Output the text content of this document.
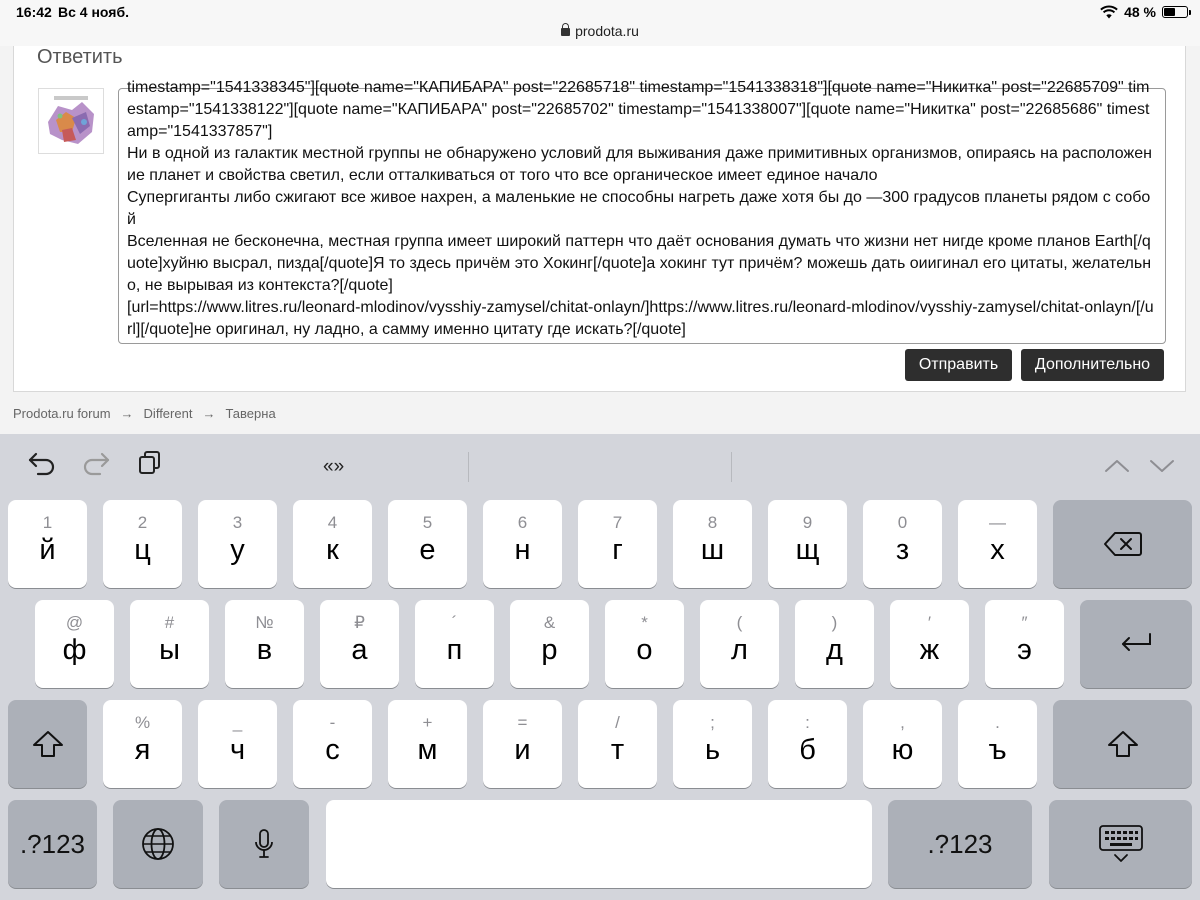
16:42 Вс 4 нояб.
prodota.ru
48 %
Ответить
timestamp="1541338345"][quote name="КАПИБАРА" post="22685718" timestamp="1541338318"][quote name="Никитка" post="22685709" timestamp="1541338122"][quote name="КАПИБАРА" post="22685702" timestamp="1541338007"][quote name="Никитка" post="22685686" timestamp="1541337857"]
Ни в одной из галактик местной группы не обнаружено условий для выживания даже примитивных организмов, опираясь на расположение планет и свойства светил, если отталкиваться от того что все органическое имеет единое начало
Супергиганты либо сжигают все живое нахрен, а маленькие не способны нагреть даже хотя бы до —300 градусов планеты рядом с собой
Вселенная не бесконечна, местная группа имеет широкий паттерн что даёт основания думать что жизни нет нигде кроме планов Earth[/quote]хуйню высрал, пизда[/quote]Я то здесь причём это Хокинг[/quote]а хокинг тут причём? можешь дать оиигинал его цитаты, желательно, не вырывая из контекста?[/quote]
[url=https://www.litres.ru/leonard-mlodinov/vysshiy-zamysel/chitat-onlayn/]https://www.litres.ru/leonard-mlodinov/vysshiy-zamysel/chitat-onlayn/[/url][/quote]не оригинал, ну ладно, а самму именно цитату где искать?[/quote]
Отправить	Дополнительно
Prodota.ru forum → Different → Таверна
«»
1
й
2
ц
3
у
4
к
5
е
6
н
7
г
8
ш
9
щ
0
з
—
х
@
ф
#
ы
№
в
₽
а
´
п
&
р
*
о
(
л
)
д
′
ж
″
э
%
я
_
ч
-
с
+
м
=
и
/
т
;
ь
:
б
,
ю
.
ъ
.?123	.?123
